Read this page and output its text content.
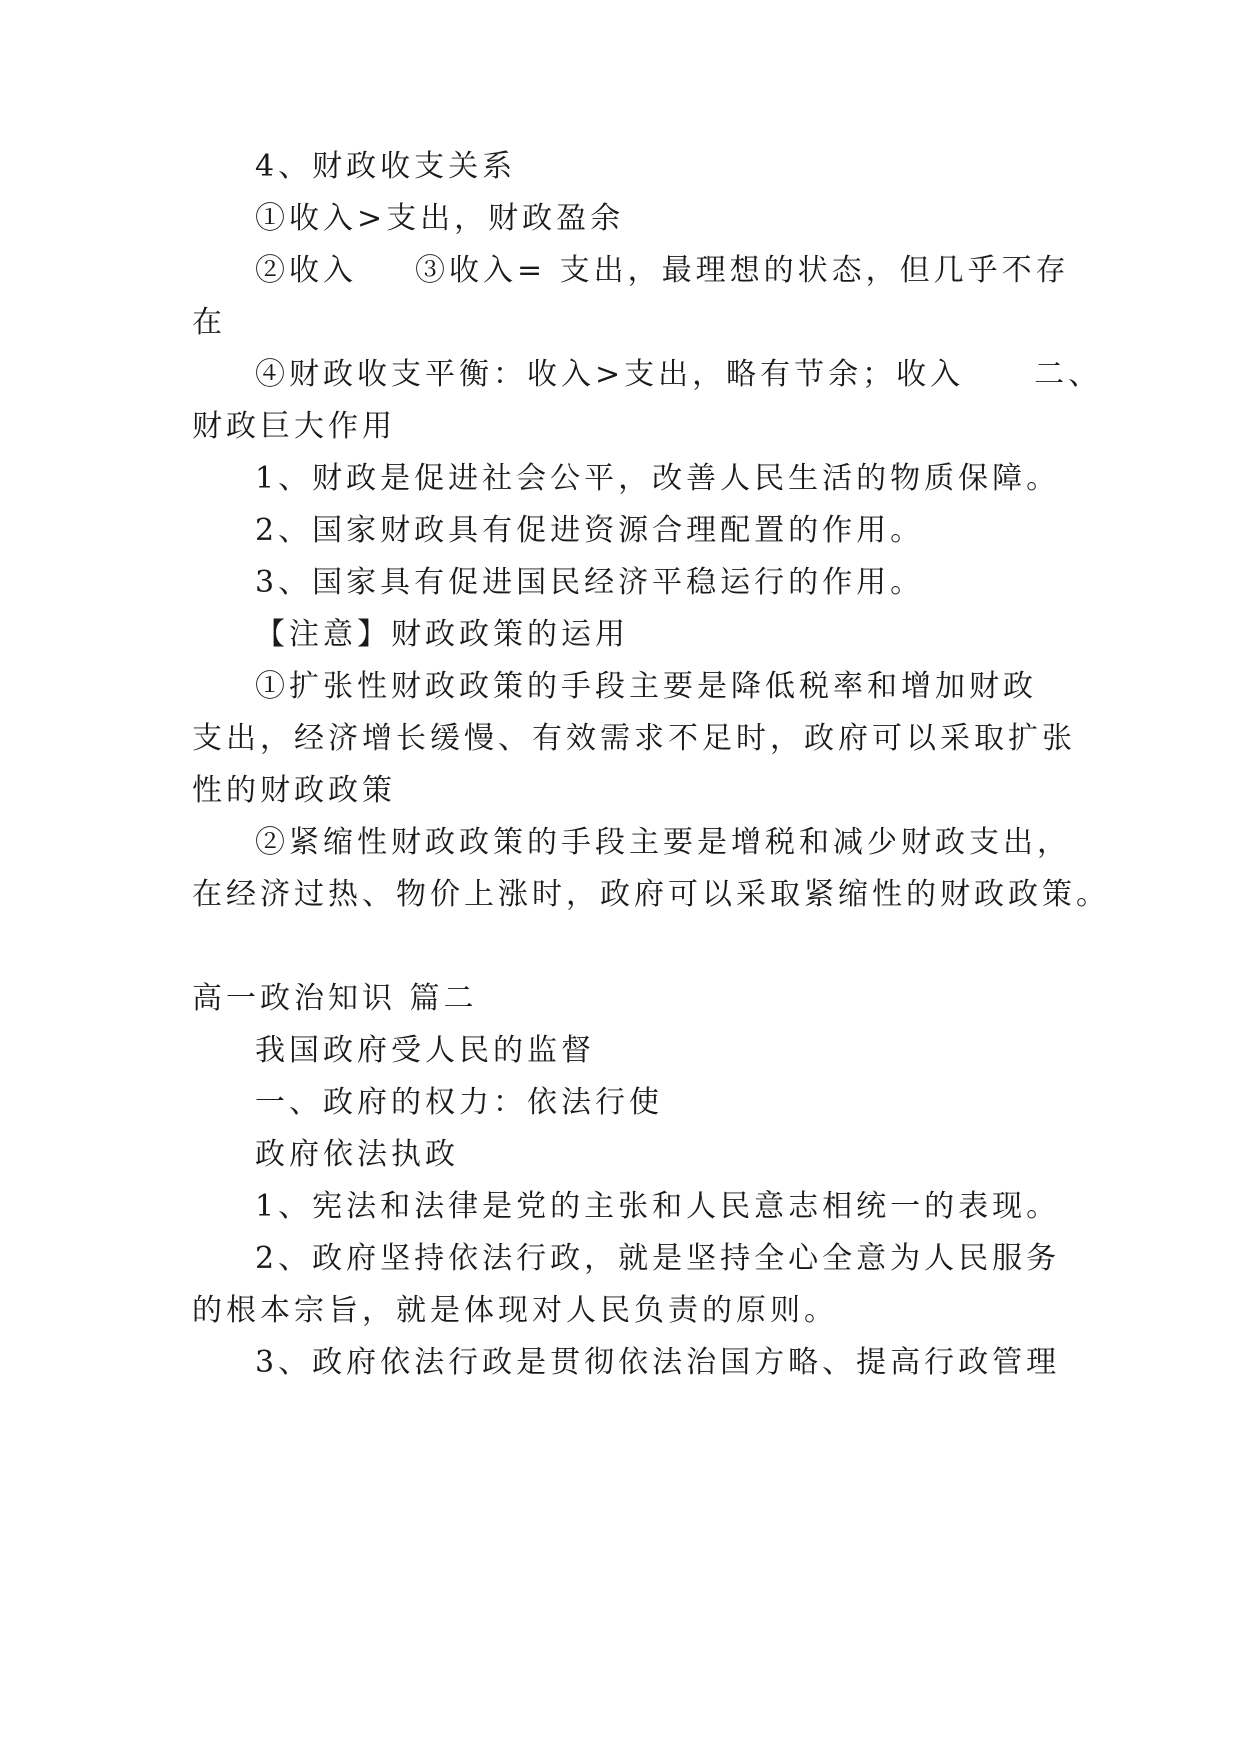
4、财政收支关系
①收入>支出，财政盈余
②收入 ③收入= 支出，最理想的状态，但几乎不存
在
④财政收支平衡：收入>支出，略有节余；收入 二、
财政巨大作用
1、财政是促进社会公平，改善人民生活的物质保障。
2、国家财政具有促进资源合理配置的作用。
3、国家具有促进国民经济平稳运行的作用。
【注意】财政政策的运用
①扩张性财政政策的手段主要是降低税率和增加财政
支出，经济增长缓慢、有效需求不足时，政府可以采取扩张
性的财政政策
②紧缩性财政政策的手段主要是增税和减少财政支出，
在经济过热、物价上涨时，政府可以采取紧缩性的财政政策。
高一政治知识 篇二
我国政府受人民的监督
一、政府的权力：依法行使
政府依法执政
1、宪法和法律是党的主张和人民意志相统一的表现。
2、政府坚持依法行政，就是坚持全心全意为人民服务
的根本宗旨，就是体现对人民负责的原则。
3、政府依法行政是贯彻依法治国方略、提高行政管理
